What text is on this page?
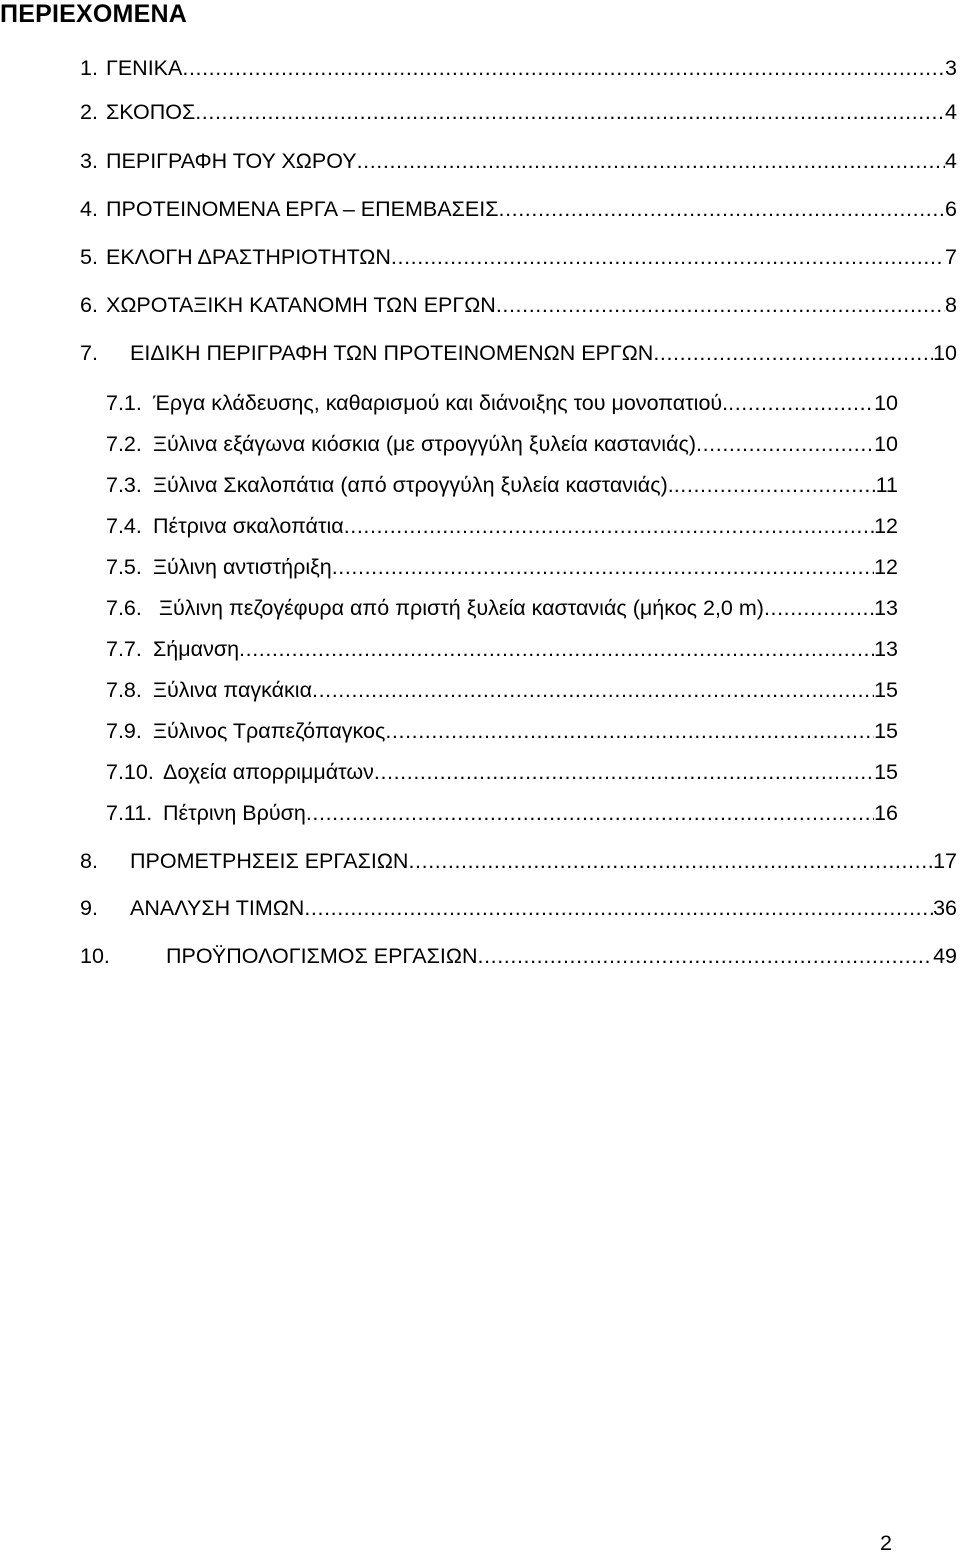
ΠΕΡΙΕΧΟΜΕΝΑ
1. ΓΕΝΙΚΑ .....	3
2. ΣΚΟΠΟΣ .....	4
3. ΠΕΡΙΓΡΑΦΗ ΤΟΥ ΧΩΡΟΥ .....	4
4. ΠΡΟΤΕΙΝΟΜΕΝΑ ΕΡΓΑ – ΕΠΕΜΒΑΣΕΙΣ .....	6
5. ΕΚΛΟΓΗ ΔΡΑΣΤΗΡΙΟΤΗΤΩΝ .....	7
6. ΧΩΡΟΤΑΞΙΚΗ ΚΑΤΑΝΟΜΗ ΤΩΝ ΕΡΓΩΝ .....	8
7.	ΕΙΔΙΚΗ ΠΕΡΙΓΡΑΦΗ ΤΩΝ ΠΡΟΤΕΙΝΟΜΕΝΩΝ ΕΡΓΩΝ .....	10
7.1. Έργα κλάδευσης, καθαρισμού και διάνοιξης του μονοπατιού. .....	10
7.2. Ξύλινα εξάγωνα κιόσκια (με στρογγύλη ξυλεία καστανιάς) .....	10
7.3. Ξύλινα Σκαλοπάτια (από στρογγύλη ξυλεία καστανιάς). .....	11
7.4. Πέτρινα σκαλοπάτια .....	12
7.5. Ξύλινη αντιστήριξη .....	12
7.6. Ξύλινη πεζογέφυρα από πριστή ξυλεία καστανιάς (μήκος 2,0 m) .....	13
7.7. Σήμανση .....	13
7.8. Ξύλινα παγκάκια .....	15
7.9. Ξύλινος Τραπεζόπαγκος .....	15
7.10. Δοχεία απορριμμάτων .....	15
7.11. Πέτρινη Βρύση .....	16
8.	ΠΡΟΜΕΤΡΗΣΕΙΣ ΕΡΓΑΣΙΩΝ .....	17
9.	ΑΝΑΛΥΣΗ ΤΙΜΩΝ .....	36
10.	ΠΡΟΫΠΟΛΟΓΙΣΜΟΣ ΕΡΓΑΣΙΩΝ .....	49
2
